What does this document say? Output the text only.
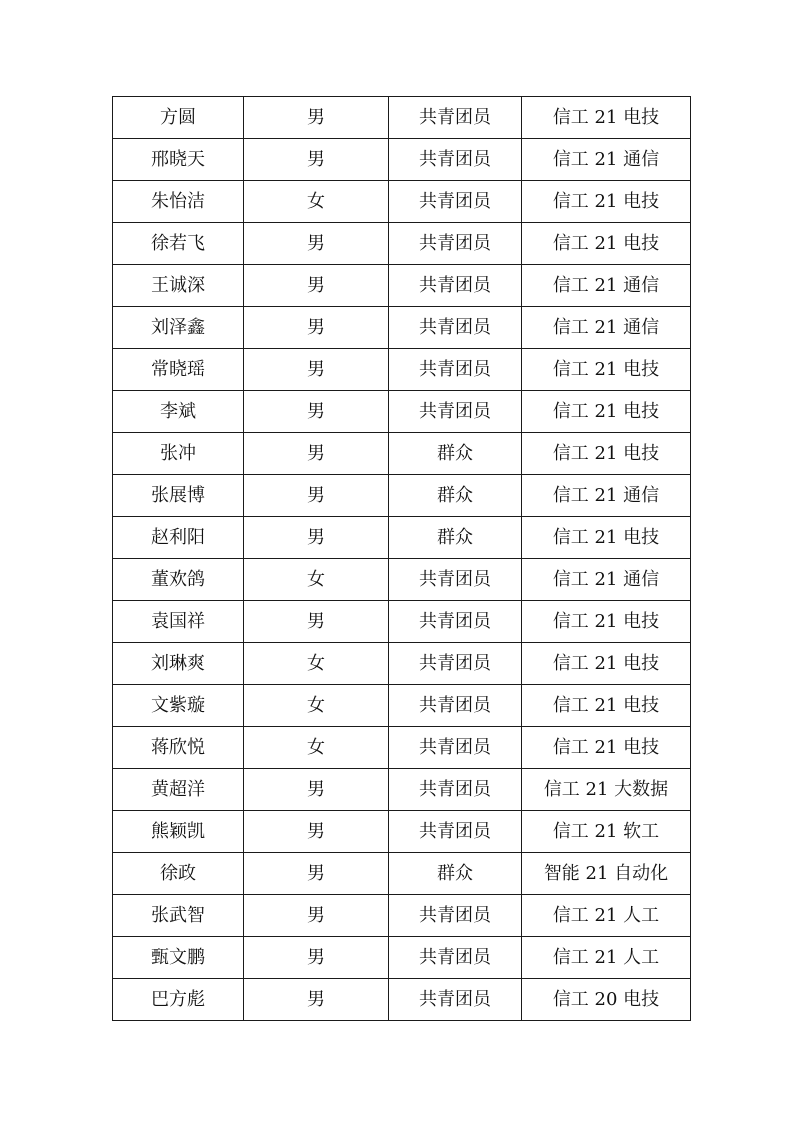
方圆	男	共青团员	信工 21 电技
邢晓天	男	共青团员	信工 21 通信
朱怡洁	女	共青团员	信工 21 电技
徐若飞	男	共青团员	信工 21 电技
王诚深	男	共青团员	信工 21 通信
刘泽鑫	男	共青团员	信工 21 通信
常晓瑶	男	共青团员	信工 21 电技
李斌	男	共青团员	信工 21 电技
张冲	男	群众	信工 21 电技
张展博	男	群众	信工 21 通信
赵利阳	男	群众	信工 21 电技
董欢鸽	女	共青团员	信工 21 通信
袁国祥	男	共青团员	信工 21 电技
刘琳爽	女	共青团员	信工 21 电技
文紫璇	女	共青团员	信工 21 电技
蒋欣悦	女	共青团员	信工 21 电技
黄超洋	男	共青团员	信工 21 大数据
熊颖凯	男	共青团员	信工 21 软工
徐政	男	群众	智能 21 自动化
张武智	男	共青团员	信工 21 人工
甄文鹏	男	共青团员	信工 21 人工
巴方彪	男	共青团员	信工 20 电技
